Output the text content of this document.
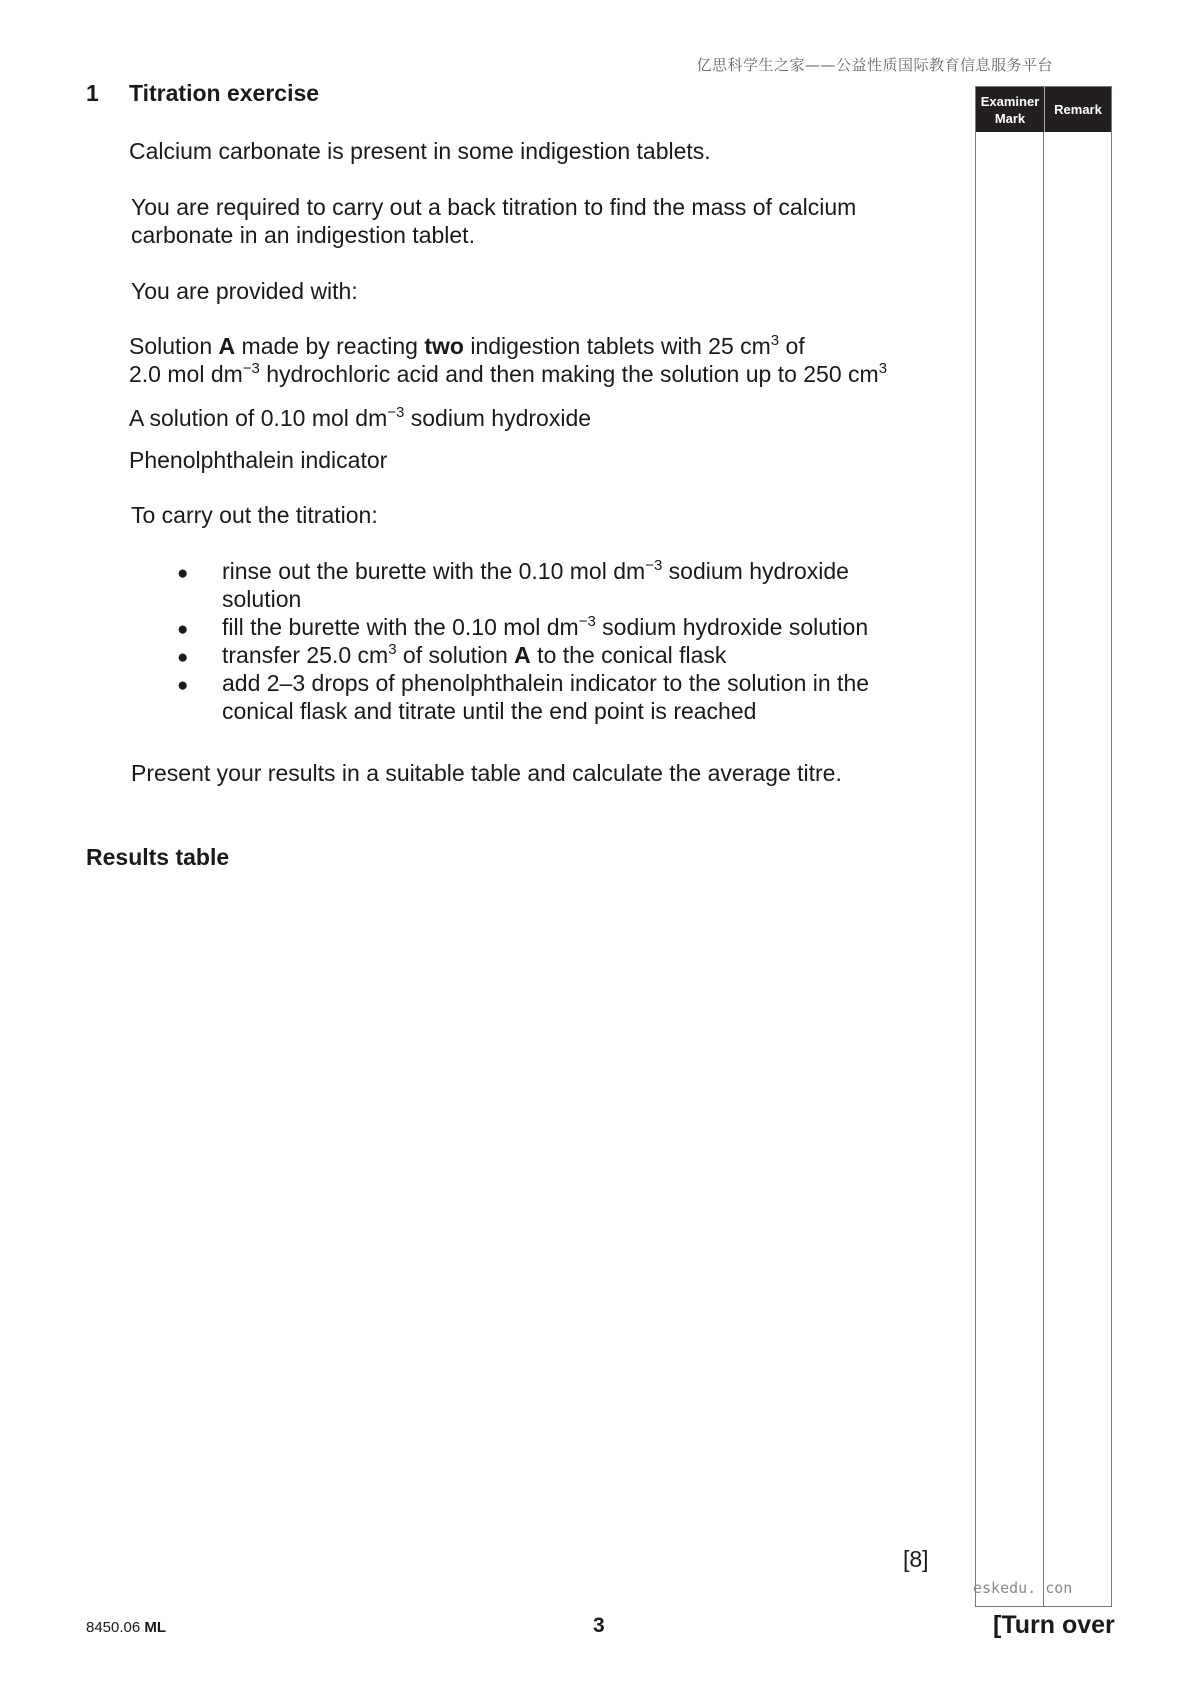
亿思科学生之家——公益性质国际教育信息服务平台
1 Titration exercise
Calcium carbonate is present in some indigestion tablets.
You are required to carry out a back titration to find the mass of calcium
carbonate in an indigestion tablet.
You are provided with:
Solution A made by reacting two indigestion tablets with 25 $cm^3$ of
2.0 mol $dm^{-3}$ hydrochloric acid and then making the solution up to 250 $cm^3$
A solution of 0.10 mol $dm^{-3}$ sodium hydroxide
Phenolphthalein indicator
To carry out the titration:
● rinse out the burette with the 0.10 mol $dm^{-3}$ sodium hydroxide
solution
● fill the burette with the 0.10 mol $dm^{-3}$ sodium hydroxide solution
● transfer 25.0 $cm^3$ of solution A to the conical flask
● add 2–3 drops of phenolphthalein indicator to the solution in the
conical flask and titrate until the end point is reached
Present your results in a suitable table and calculate the average titre.
Results table
Examiner
Mark
Remark
[8]
eskedu. con
8450.06 ML	3	[Turn over
